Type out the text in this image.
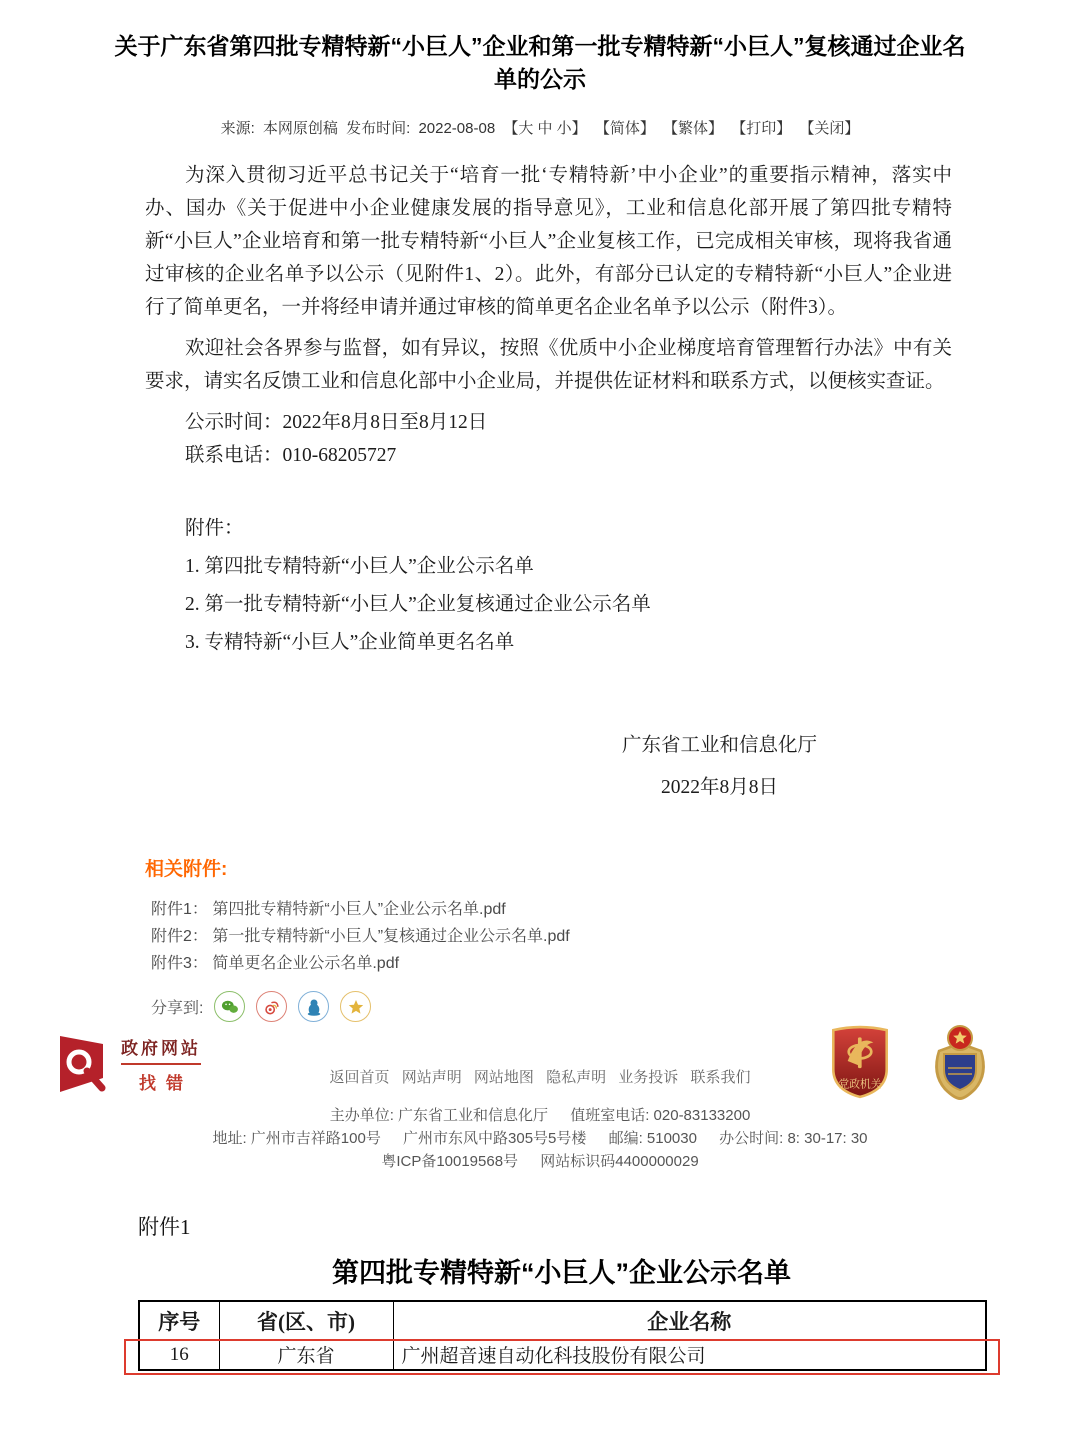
关于广东省第四批专精特新“小巨人”企业和第一批专精特新“小巨人”复核通过企业名单的公示
来源: 本网原创稿 发布时间: 2022-08-08 【大 中 小】 【简体】 【繁体】 【打印】 【关闭】

为深入贯彻习近平总书记关于“培育一批‘专精特新’中小企业”的重要指示精神，落实中办、国办《关于促进中小企业健康发展的指导意见》，工业和信息化部开展了第四批专精特新“小巨人”企业培育和第一批专精特新“小巨人”企业复核工作，已完成相关审核，现将我省通过审核的企业名单予以公示（见附件1、2）。此外，有部分已认定的专精特新“小巨人”企业进行了简单更名，一并将经申请并通过审核的简单更名企业名单予以公示（附件3）。

欢迎社会各界参与监督，如有异议，按照《优质中小企业梯度培育管理暂行办法》中有关要求，请实名反馈工业和信息化部中小企业局，并提供佐证材料和联系方式，以便核实查证。

公示时间：2022年8月8日至8月12日

联系电话：010-68205727

附件：

1. 第四批专精特新“小巨人”企业公示名单

2. 第一批专精特新“小巨人”企业复核通过企业公示名单

3. 专精特新“小巨人”企业简单更名名单

广东省工业和信息化厅
2022年8月8日
相关附件:
附件1： 第四批专精特新“小巨人”企业公示名单.pdf
附件2： 第一批专精特新“小巨人”复核通过企业公示名单.pdf
附件3： 简单更名企业公示名单.pdf
分享到:
返回首页 网站声明 网站地图 隐私声明 业务投诉 联系我们
主办单位: 广东省工业和信息化厅 值班室电话: 020-83133200
地址: 广州市吉祥路100号 广州市东风中路305号5号楼 邮编: 510030 办公时间: 8: 30-17: 30
粤ICP备10019568号 网站标识码4400000029
政府网站
找错	党政机关
附件1
第四批专精特新“小巨人”企业公示名单
序号	省(区、市)	企业名称
16	广东省	广州超音速自动化科技股份有限公司
